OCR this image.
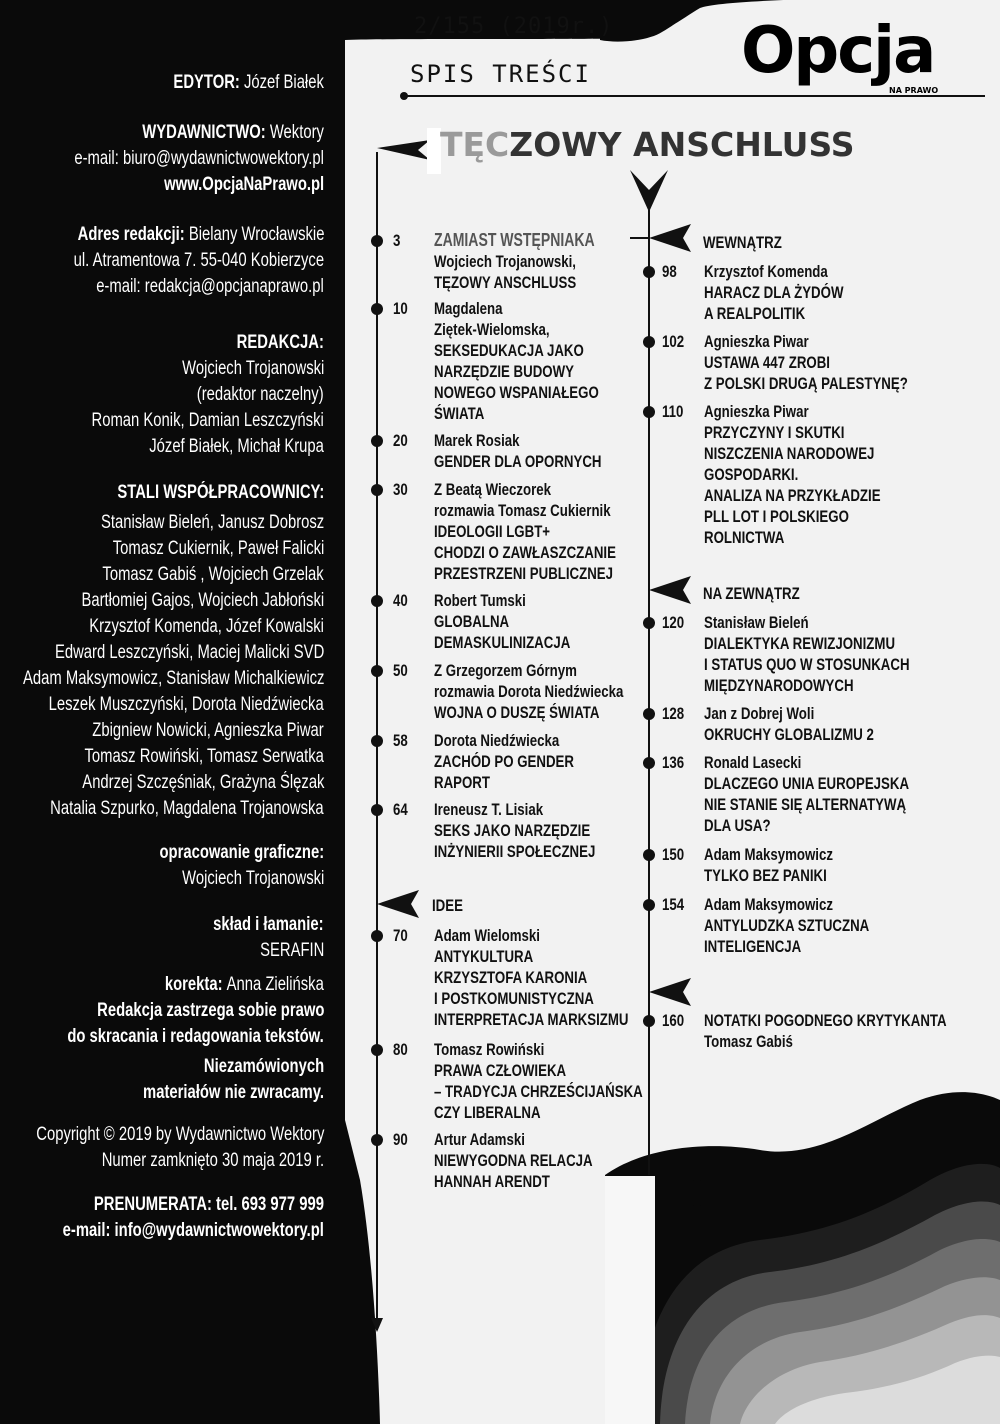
EDYTOR: Józef Białek
WYDAWNICTWO: Wektory
e-mail: biuro@wydawnictwowektory.pl
www.OpcjaNaPrawo.pl
Adres redakcji: Bielany Wrocławskie
ul. Atramentowa 7. 55-040 Kobierzyce
e-mail: redakcja@opcjanaprawo.pl
REDAKCJA:
Wojciech Trojanowski
(redaktor naczelny)
Roman Konik, Damian Leszczyński
Józef Białek, Michał Krupa
STALI WSPÓŁPRACOWNICY:
Stanisław Bieleń, Janusz Dobrosz
Tomasz Cukiernik, Paweł Falicki
Tomasz Gabiś , Wojciech Grzelak
Bartłomiej Gajos, Wojciech Jabłoński
Krzysztof Komenda, Józef Kowalski
Edward Leszczyński, Maciej Malicki SVD
Adam Maksymowicz, Stanisław Michalkiewicz
Leszek Muszczyński, Dorota Niedźwiecka
Zbigniew Nowicki, Agnieszka Piwar
Tomasz Rowiński, Tomasz Serwatka
Andrzej Szczęśniak, Grażyna Ślęzak
Natalia Szpurko, Magdalena Trojanowska
opracowanie graficzne:
Wojciech Trojanowski
skład i łamanie:
SERAFIN
korekta: Anna Zielińska
Redakcja zastrzega sobie prawo
do skracania i redagowania tekstów.
Niezamówionych
materiałów nie zwracamy.
Copyright © 2019 by Wydawnictwo Wektory
Numer zamknięto 30 maja 2019 r.
PRENUMERATA: tel. 693 977 999
e-mail: info@wydawnictwowektory.pl
2/155 (2019r.)
SPIS TREŚCI Opcja
NA PRAWO
TĘCZOWY ANSCHLUSS
3 ZAMIAST WSTĘPNIAKA
Wojciech Trojanowski,
TĘZOWY ANSCHLUSS
10 Magdalena
Ziętek-Wielomska,
SEKSEDUKACJA JAKO
NARZĘDZIE BUDOWY
NOWEGO WSPANIAŁEGO
ŚWIATA
20 Marek Rosiak
GENDER DLA OPORNYCH
30 Z Beatą Wieczorek
rozmawia Tomasz Cukiernik
IDEOLOGII LGBT+
CHODZI O ZAWŁASZCZANIE
PRZESTRZENI PUBLICZNEJ
40 Robert Tumski
GLOBALNA
DEMASKULINIZACJA
50 Z Grzegorzem Górnym
rozmawia Dorota Niedźwiecka
WOJNA O DUSZĘ ŚWIATA
58 Dorota Niedźwiecka
ZACHÓD PO GENDER
RAPORT
64 Ireneusz T. Lisiak
SEKS JAKO NARZĘDZIE
INŻYNIERII SPOŁECZNEJ
70 Adam Wielomski
ANTYKULTURA
KRZYSZTOFA KARONIA
I POSTKOMUNISTYCZNA
INTERPRETACJA MARKSIZMU
80 Tomasz Rowiński
PRAWA CZŁOWIEKA
– TRADYCJA CHRZEŚCIJAŃSKA
CZY LIBERALNA
90 Artur Adamski
NIEWYGODNA RELACJA
HANNAH ARENDT
98 Krzysztof Komenda
HARACZ DLA ŻYDÓW
A REALPOLITIK
102 Agnieszka Piwar
USTAWA 447 ZROBI
Z POLSKI DRUGĄ PALESTYNĘ?
110 Agnieszka Piwar
PRZYCZYNY I SKUTKI
NISZCZENIA NARODOWEJ
GOSPODARKI.
ANALIZA NA PRZYKŁADZIE
PLL LOT I POLSKIEGO
ROLNICTWA
120 Stanisław Bieleń
DIALEKTYKA REWIZJONIZMU
I STATUS QUO W STOSUNKACH
MIĘDZYNARODOWYCH
128 Jan z Dobrej Woli
OKRUCHY GLOBALIZMU 2
136 Ronald Lasecki
DLACZEGO UNIA EUROPEJSKA
NIE STANIE SIĘ ALTERNATYWĄ
DLA USA?
150 Adam Maksymowicz
TYLKO BEZ PANIKI
154 Adam Maksymowicz
ANTYLUDZKA SZTUCZNA
INTELIGENCJA
160 NOTATKI POGODNEGO KRYTYKANTA
Tomasz Gabiś
IDEE
WEWNĄTRZ
NA ZEWNĄTRZ
